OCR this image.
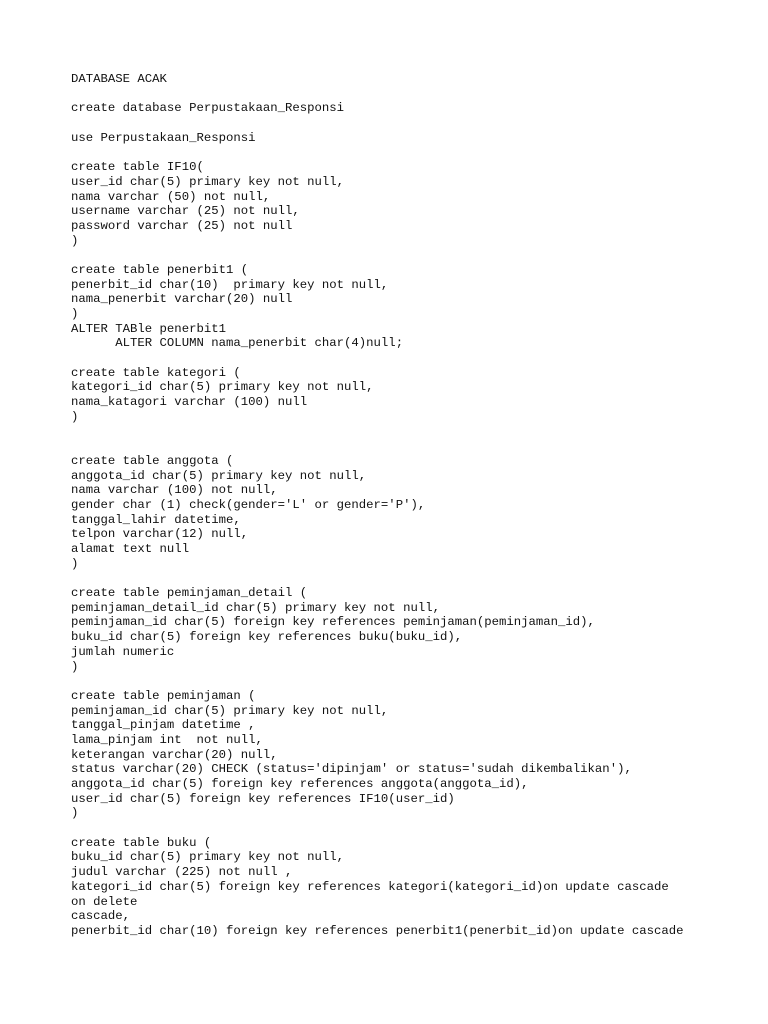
DATABASE ACAK
create database Perpustakaan_Responsi
use Perpustakaan_Responsi
create table IF10(
user_id char(5) primary key not null,
nama varchar (50) not null,
username varchar (25) not null,
password varchar (25) not null
)
create table penerbit1 (
penerbit_id char(10)  primary key not null,
nama_penerbit varchar(20) null
)
ALTER TABle penerbit1
ALTER COLUMN nama_penerbit char(4)null;
create table kategori (
kategori_id char(5) primary key not null,
nama_katagori varchar (100) null
)
create table anggota (
anggota_id char(5) primary key not null,
nama varchar (100) not null,
gender char (1) check(gender='L' or gender='P'),
tanggal_lahir datetime,
telpon varchar(12) null,
alamat text null
)
create table peminjaman_detail (
peminjaman_detail_id char(5) primary key not null,
peminjaman_id char(5) foreign key references peminjaman(peminjaman_id),
buku_id char(5) foreign key references buku(buku_id),
jumlah numeric
)
create table peminjaman (
peminjaman_id char(5) primary key not null,
tanggal_pinjam datetime ,
lama_pinjam int  not null,
keterangan varchar(20) null,
status varchar(20) CHECK (status='dipinjam' or status='sudah dikembalikan'),
anggota_id char(5) foreign key references anggota(anggota_id),
user_id char(5) foreign key references IF10(user_id)
)
create table buku (
buku_id char(5) primary key not null,
judul varchar (225) not null ,
kategori_id char(5) foreign key references kategori(kategori_id)on update cascade
on delete
cascade,
penerbit_id char(10) foreign key references penerbit1(penerbit_id)on update cascade
